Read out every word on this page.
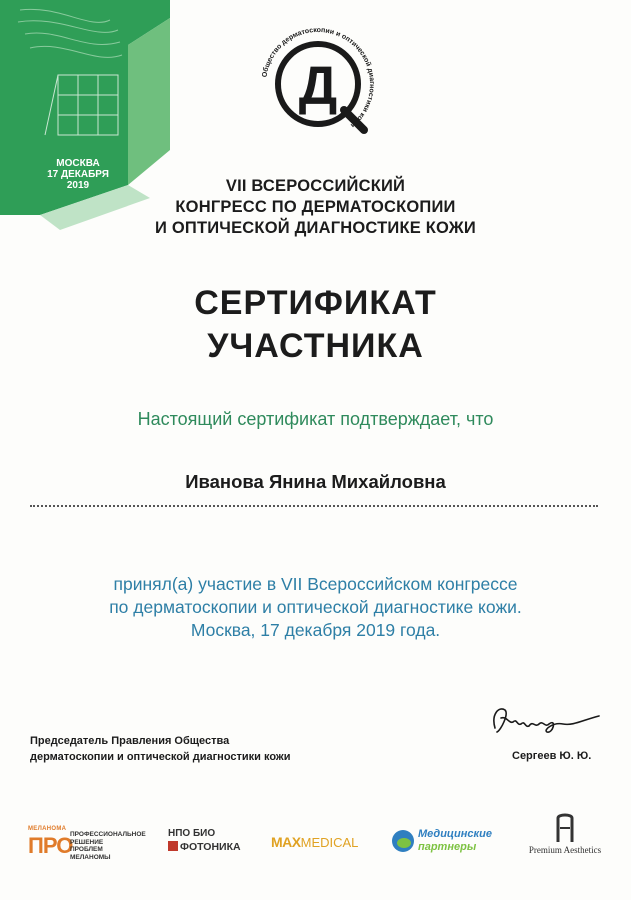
МОСКВА
17 ДЕКАБРЯ
2019
Д
Общество дерматоскопии и оптической диагностики кожи
VII ВСЕРОССИЙСКИЙ
КОНГРЕСС ПО ДЕРМАТОСКОПИИ
И ОПТИЧЕСКОЙ ДИАГНОСТИКЕ КОЖИ
СЕРТИФИКАТ
УЧАСТНИКА
Настоящий сертификат подтверждает, что
Иванова Янина Михайловна
принял(а) участие в VII Всероссийском конгрессе
по дерматоскопии и оптической диагностике кожи.
Москва, 17 декабря 2019 года.
Председатель Правления Общества
дерматоскопии и оптической диагностики кожи	Сергеев Ю. Ю.
МЕЛАНОМА
ПРО
ПРОФЕССИОНАЛЬНОЕ
РЕШЕНИЕ
ПРОБЛЕМ
МЕЛАНОМЫ
НПО БИО
ФОТОНИКА	MAXMEDICAL
Медицинские
партнеры	Premium Aesthetics
